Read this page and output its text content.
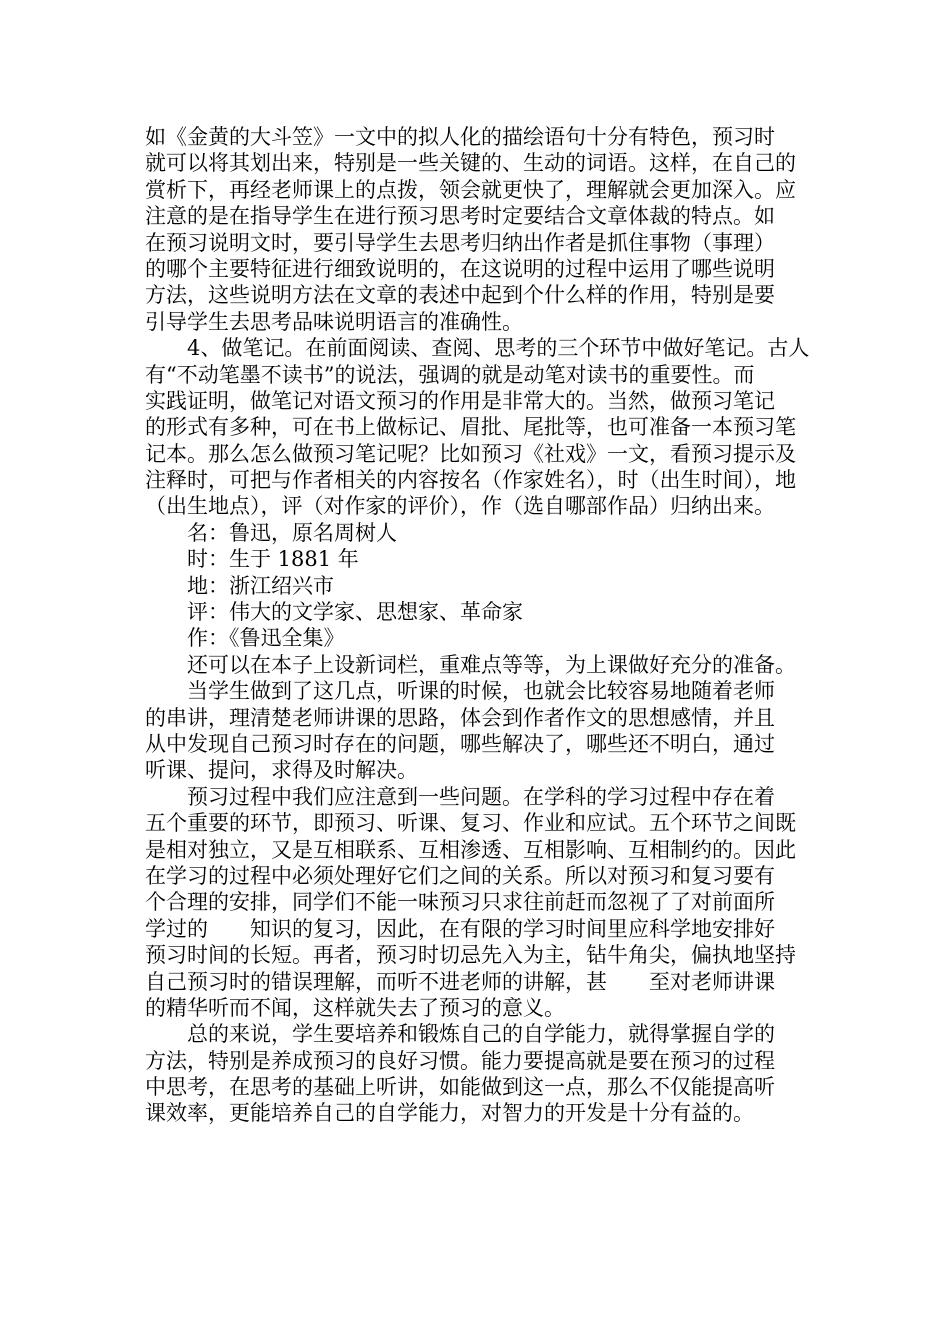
如《金黄的大斗笠》一文中的拟人化的描绘语句十分有特色，预习时
就可以将其划出来，特别是一些关键的、生动的词语。这样，在自己的
赏析下，再经老师课上的点拨，领会就更快了，理解就会更加深入。应
注意的是在指导学生在进行预习思考时定要结合文章体裁的特点。如
在预习说明文时，要引导学生去思考归纳出作者是抓住事物（事理）
的哪个主要特征进行细致说明的，在这说明的过程中运用了哪些说明
方法，这些说明方法在文章的表述中起到个什么样的作用，特别是要
引导学生去思考品味说明语言的准确性。
4、做笔记。在前面阅读、查阅、思考的三个环节中做好笔记。古人
有“不动笔墨不读书”的说法，强调的就是动笔对读书的重要性。而
实践证明，做笔记对语文预习的作用是非常大的。当然，做预习笔记
的形式有多种，可在书上做标记、眉批、尾批等，也可准备一本预习笔
记本。那么怎么做预习笔记呢？比如预习《社戏》一文，看预习提示及
注释时，可把与作者相关的内容按名（作家姓名），时（出生时间），地
（出生地点），评（对作家的评价），作（选自哪部作品）归纳出来。
名：鲁迅，原名周树人
时：生于 1881 年
地：浙江绍兴市
评：伟大的文学家、思想家、革命家
作：《鲁迅全集》
还可以在本子上设新词栏，重难点等等，为上课做好充分的准备。
当学生做到了这几点，听课的时候，也就会比较容易地随着老师
的串讲，理清楚老师讲课的思路，体会到作者作文的思想感情，并且
从中发现自己预习时存在的问题，哪些解决了，哪些还不明白，通过
听课、提问，求得及时解决。
预习过程中我们应注意到一些问题。在学科的学习过程中存在着
五个重要的环节，即预习、听课、复习、作业和应试。五个环节之间既
是相对独立，又是互相联系、互相渗透、互相影响、互相制约的。因此
在学习的过程中必须处理好它们之间的关系。所以对预习和复习要有
个合理的安排，同学们不能一味预习只求往前赶而忽视了了对前面所
学过的 知识的复习，因此，在有限的学习时间里应科学地安排好
预习时间的长短。再者，预习时切忌先入为主，钻牛角尖，偏执地坚持
自己预习时的错误理解，而听不进老师的讲解，甚 至对老师讲课
的精华听而不闻，这样就失去了预习的意义。
总的来说，学生要培养和锻炼自己的自学能力，就得掌握自学的
方法，特别是养成预习的良好习惯。能力要提高就是要在预习的过程
中思考，在思考的基础上听讲，如能做到这一点，那么不仅能提高听
课效率，更能培养自己的自学能力，对智力的开发是十分有益的。
